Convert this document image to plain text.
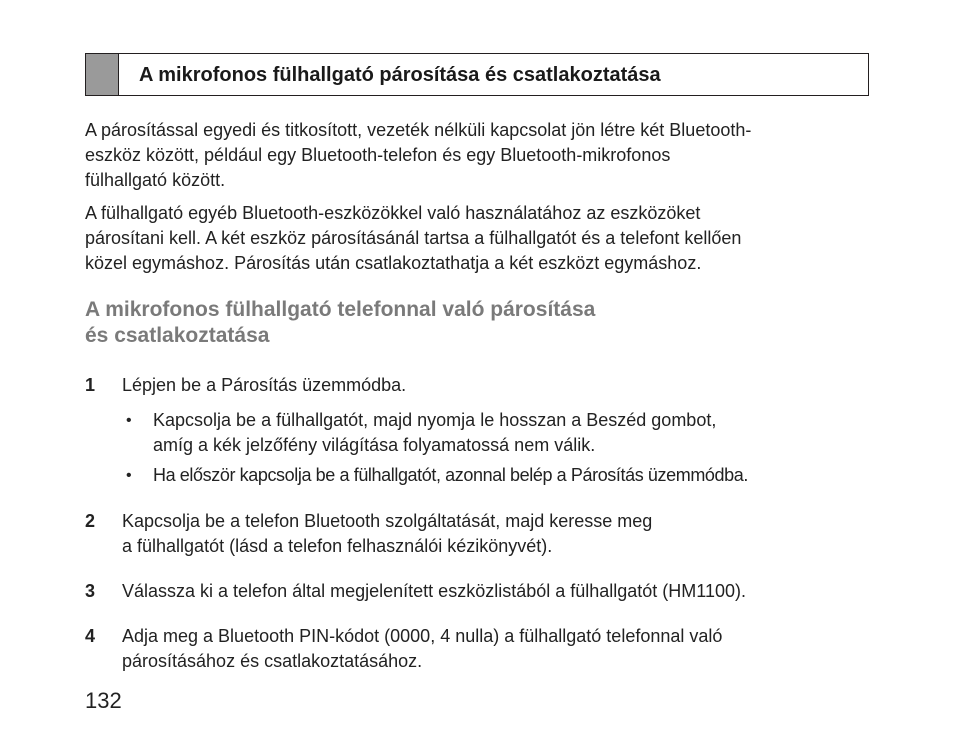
A mikrofonos fülhallgató párosítása és csatlakoztatása

A párosítással egyedi és titkosított, vezeték nélküli kapcsolat jön létre két Bluetooth-
eszköz között, például egy Bluetooth-telefon és egy Bluetooth-mikrofonos
fülhallgató között.

A fülhallgató egyéb Bluetooth-eszközökkel való használatához az eszközöket
párosítani kell. A két eszköz párosításánál tartsa a fülhallgatót és a telefont kellően
közel egymáshoz. Párosítás után csatlakoztathatja a két eszközt egymáshoz.

A mikrofonos fülhallgató telefonnal való párosítása
és csatlakoztatása
1 Lépjen be a Párosítás üzemmódba.
• Kapcsolja be a fülhallgatót, majd nyomja le hosszan a Beszéd gombot,
amíg a kék jelzőfény világítása folyamatossá nem válik.
• Ha először kapcsolja be a fülhallgatót, azonnal belép a Párosítás üzemmódba.
2 Kapcsolja be a telefon Bluetooth szolgáltatását, majd keresse meg
a fülhallgatót (lásd a telefon felhasználói kézikönyvét).
3 Válassza ki a telefon által megjelenített eszközlistából a fülhallgatót (HM1100).
4 Adja meg a Bluetooth PIN-kódot (0000, 4 nulla) a fülhallgató telefonnal való
párosításához és csatlakoztatásához.
132
